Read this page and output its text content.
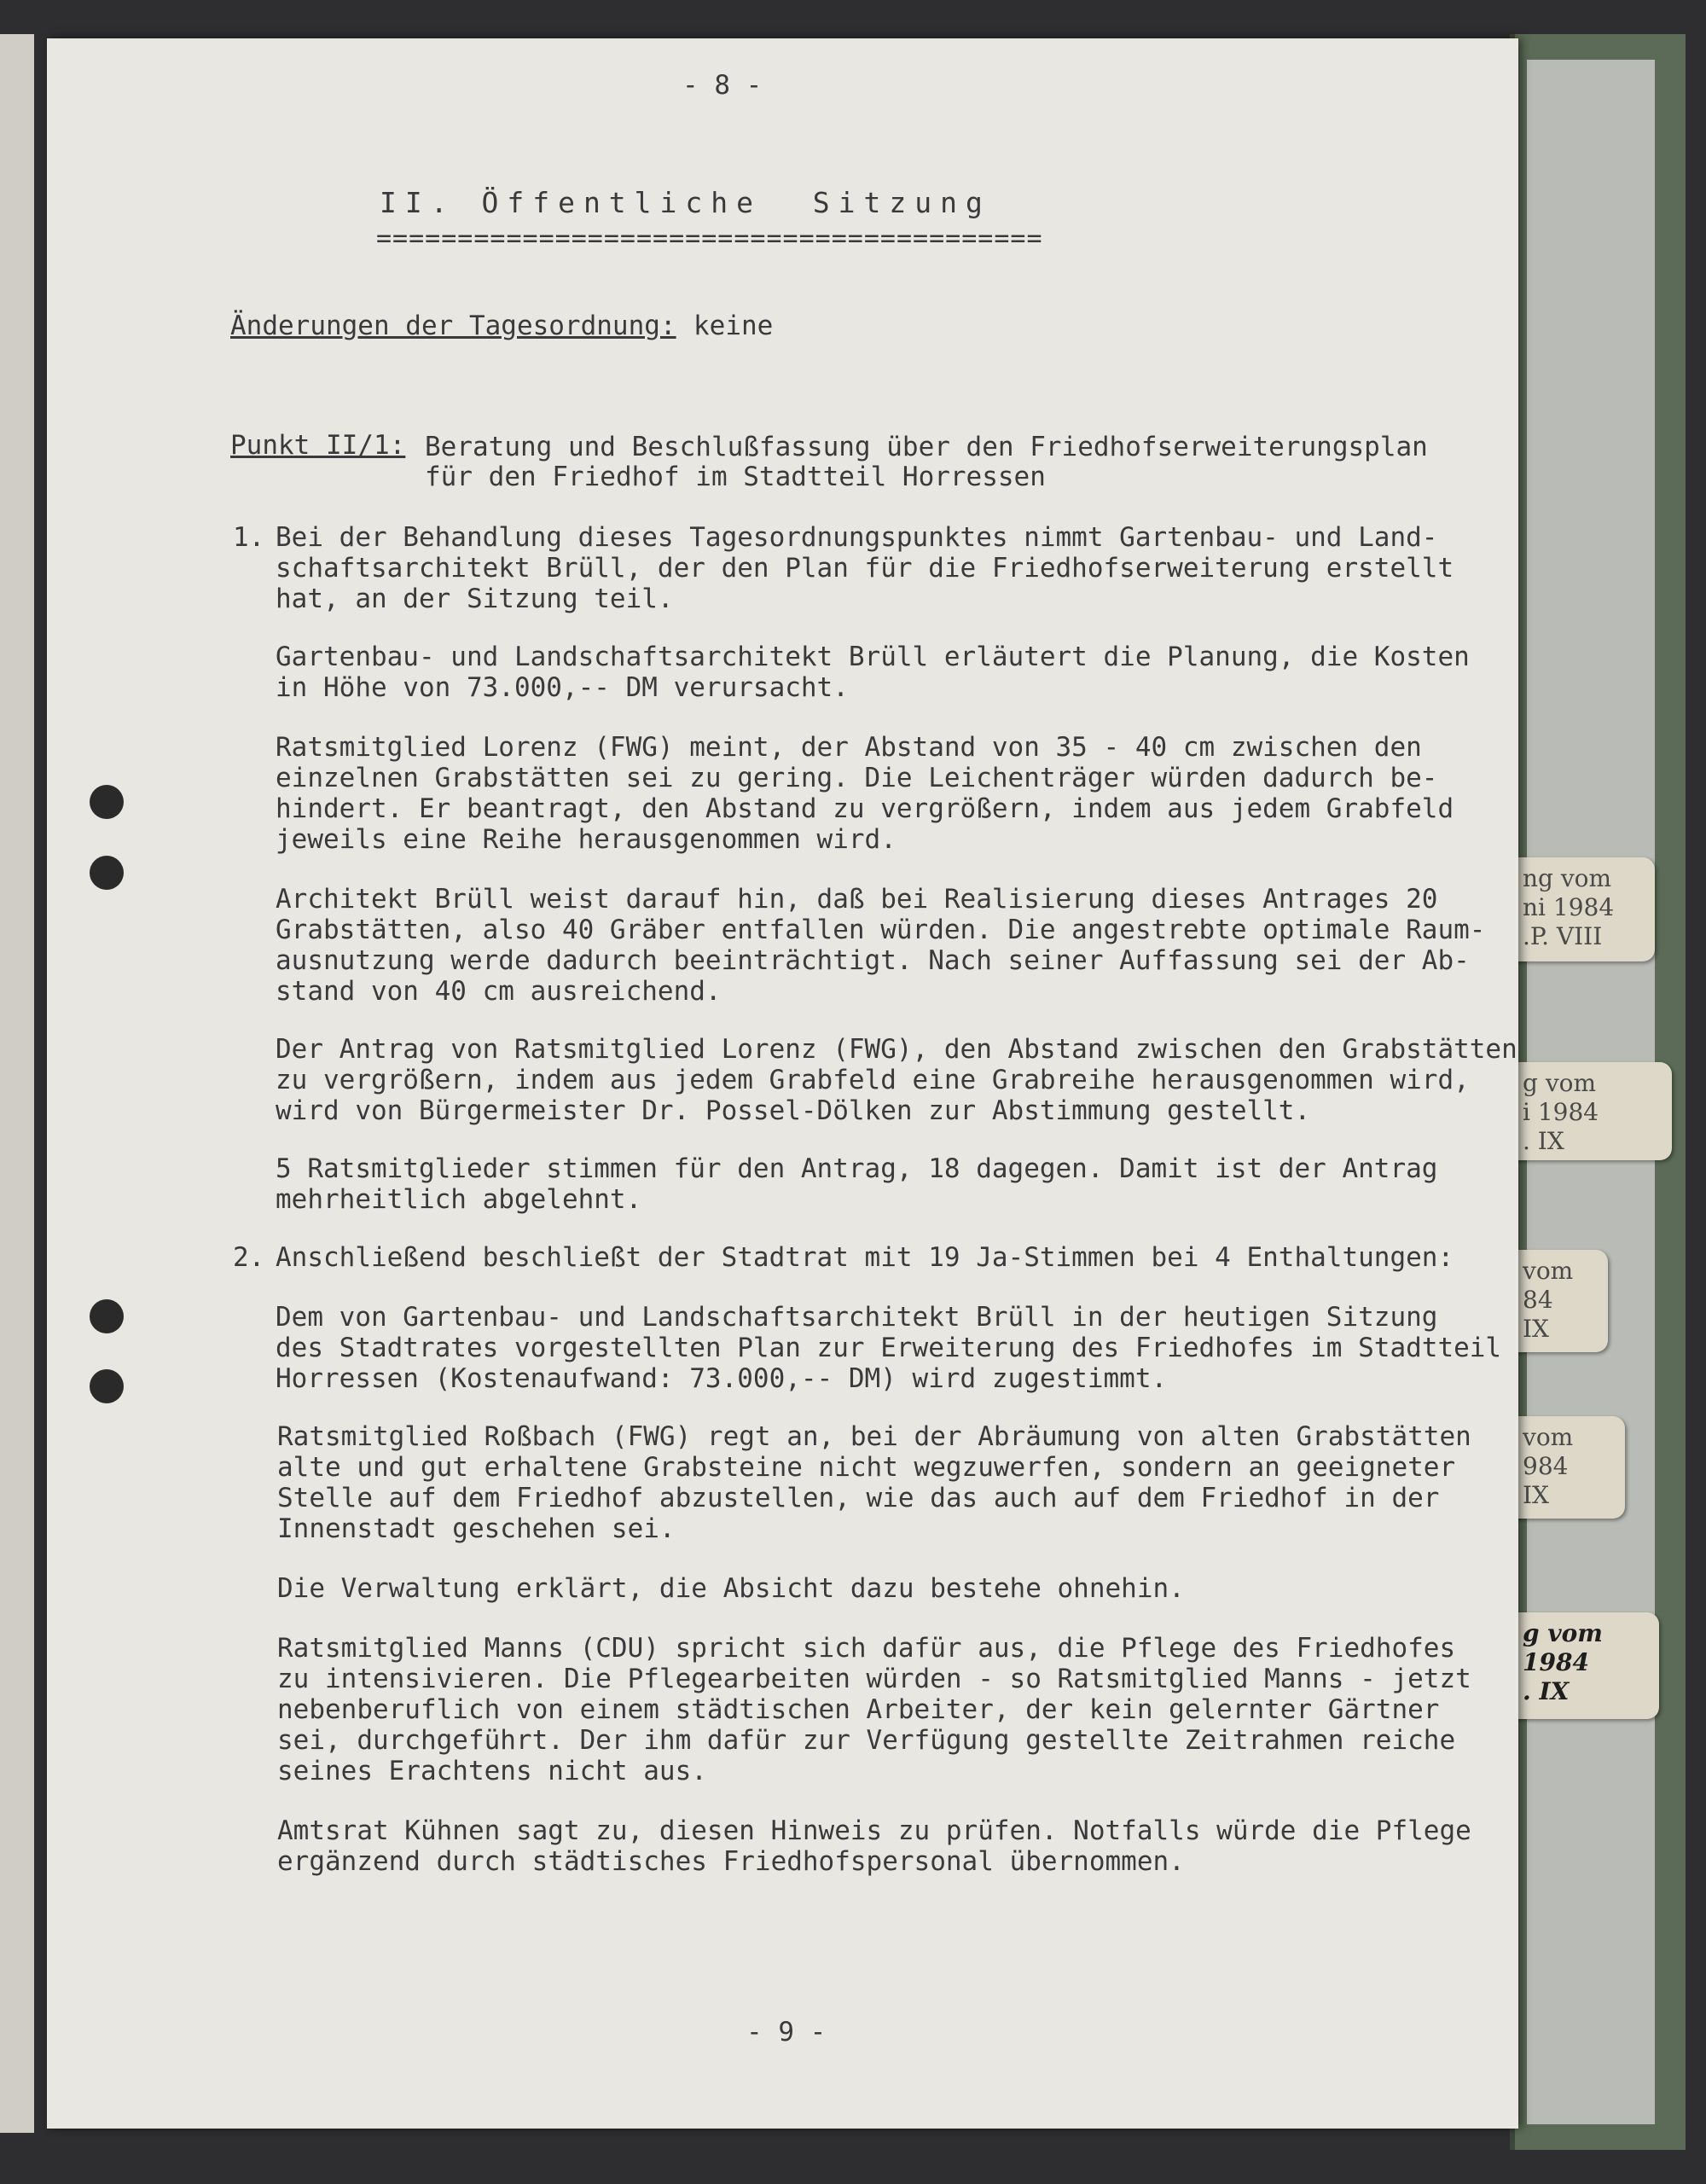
ng vom
ni 1984
.P. VIII
g vom
i 1984
. IX
vom
84
IX
vom
984
IX
g vom
1984
. IX

- 8 -

II. Öffentliche  Sitzung

=========================================

Änderungen der Tagesordnung: keine

Punkt II/1: Beratung und Beschlußfassung über den Friedhofserweiterungsplan

für den Friedhof im Stadtteil Horressen

1. Bei der Behandlung dieses Tagesordnungspunktes nimmt Gartenbau- und Land-

schaftsarchitekt Brüll, der den Plan für die Friedhofserweiterung erstellt

hat, an der Sitzung teil.

Gartenbau- und Landschaftsarchitekt Brüll erläutert die Planung, die Kosten

in Höhe von 73.000,-- DM verursacht.

Ratsmitglied Lorenz (FWG) meint, der Abstand von 35 - 40 cm zwischen den

einzelnen Grabstätten sei zu gering. Die Leichenträger würden dadurch be-

hindert. Er beantragt, den Abstand zu vergrößern, indem aus jedem Grabfeld

jeweils eine Reihe herausgenommen wird.

Architekt Brüll weist darauf hin, daß bei Realisierung dieses Antrages 20

Grabstätten, also 40 Gräber entfallen würden. Die angestrebte optimale Raum-

ausnutzung werde dadurch beeinträchtigt. Nach seiner Auffassung sei der Ab-

stand von 40 cm ausreichend.

Der Antrag von Ratsmitglied Lorenz (FWG), den Abstand zwischen den Grabstätten

zu vergrößern, indem aus jedem Grabfeld eine Grabreihe herausgenommen wird,

wird von Bürgermeister Dr. Possel-Dölken zur Abstimmung gestellt.

5 Ratsmitglieder stimmen für den Antrag, 18 dagegen. Damit ist der Antrag

mehrheitlich abgelehnt.

2. Anschließend beschließt der Stadtrat mit 19 Ja-Stimmen bei 4 Enthaltungen:

Dem von Gartenbau- und Landschaftsarchitekt Brüll in der heutigen Sitzung

des Stadtrates vorgestellten Plan zur Erweiterung des Friedhofes im Stadtteil

Horressen (Kostenaufwand: 73.000,-- DM) wird zugestimmt.

Ratsmitglied Roßbach (FWG) regt an, bei der Abräumung von alten Grabstätten

alte und gut erhaltene Grabsteine nicht wegzuwerfen, sondern an geeigneter

Stelle auf dem Friedhof abzustellen, wie das auch auf dem Friedhof in der

Innenstadt geschehen sei.

Die Verwaltung erklärt, die Absicht dazu bestehe ohnehin.

Ratsmitglied Manns (CDU) spricht sich dafür aus, die Pflege des Friedhofes

zu intensivieren. Die Pflegearbeiten würden - so Ratsmitglied Manns - jetzt

nebenberuflich von einem städtischen Arbeiter, der kein gelernter Gärtner

sei, durchgeführt. Der ihm dafür zur Verfügung gestellte Zeitrahmen reiche

seines Erachtens nicht aus.

Amtsrat Kühnen sagt zu, diesen Hinweis zu prüfen. Notfalls würde die Pflege

ergänzend durch städtisches Friedhofspersonal übernommen.

- 9 -
